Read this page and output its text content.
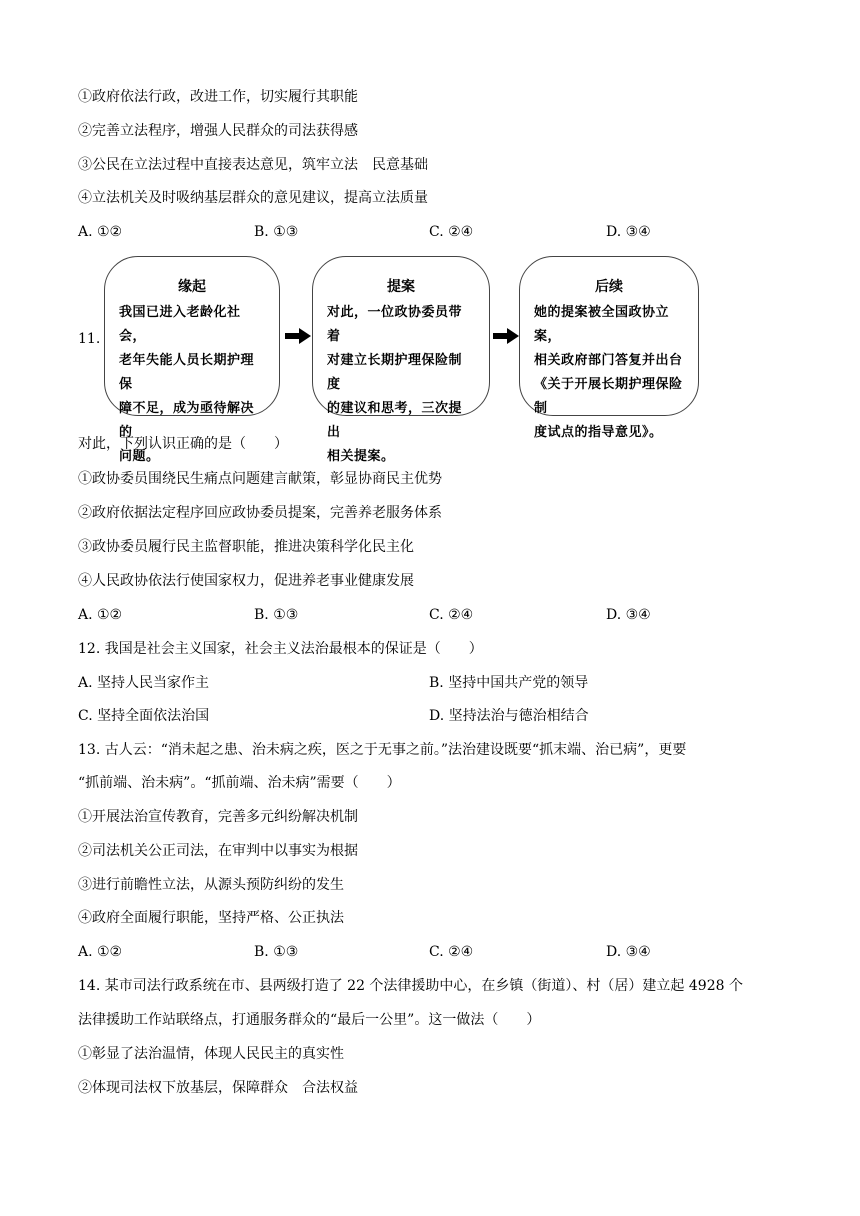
①政府依法行政，改进工作，切实履行其职能
②完善立法程序，增强人民群众的司法获得感
③公民在立法过程中直接表达意见，筑牢立法　民意基础
④立法机关及时吸纳基层群众的意见建议，提高立法质量
A. ①②	B. ①③	C. ②④	D. ③④
11.
缘起
我国已进入老龄化社会，
老年失能人员长期护理保
障不足，成为亟待解决的
问题。
提案
对此，一位政协委员带着
对建立长期护理保险制度
的建议和思考，三次提出
相关提案。
后续
她的提案被全国政协立案，
相关政府部门答复并出台
《关于开展长期护理保险制
度试点的指导意见》。
对此，下列认识正确的是（　　）
①政协委员围绕民生痛点问题建言献策，彰显协商民主优势
②政府依据法定程序回应政协委员提案，完善养老服务体系
③政协委员履行民主监督职能，推进决策科学化民主化
④人民政协依法行使国家权力，促进养老事业健康发展
A. ①②	B. ①③	C. ②④	D. ③④
12. 我国是社会主义国家，社会主义法治最根本的保证是（　　）
A. 坚持人民当家作主	B. 坚持中国共产党的领导
C. 坚持全面依法治国	D. 坚持法治与德治相结合
13. 古人云：“消未起之患、治未病之疾，医之于无事之前。”法治建设既要“抓末端、治已病”，更要
“抓前端、治未病”。“抓前端、治未病”需要（　　）
①开展法治宣传教育，完善多元纠纷解决机制
②司法机关公正司法，在审判中以事实为根据
③进行前瞻性立法，从源头预防纠纷的发生
④政府全面履行职能，坚持严格、公正执法
A. ①②	B. ①③	C. ②④	D. ③④
14. 某市司法行政系统在市、县两级打造了 22 个法律援助中心，在乡镇（街道）、村（居）建立起 4928 个
法律援助工作站联络点，打通服务群众的“最后一公里”。这一做法（　　）
①彰显了法治温情，体现人民民主的真实性
②体现司法权下放基层，保障群众　合法权益
